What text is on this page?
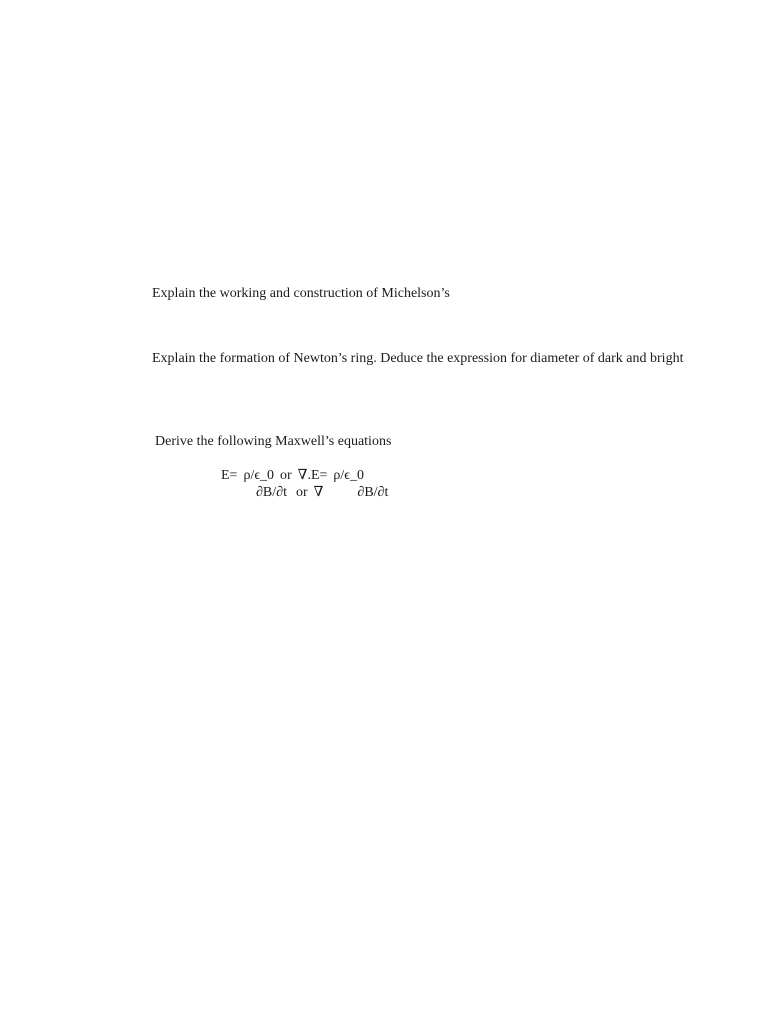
Explain the working and construction of Michelson’s
Explain the formation of Newton’s ring. Deduce the expression for diameter of dark and bright
Derive the following Maxwell’s equations
E= ρ/ϵ_0 or ∇.E= ρ/ϵ_0
∂B/∂t or ∇ ∂B/∂t
